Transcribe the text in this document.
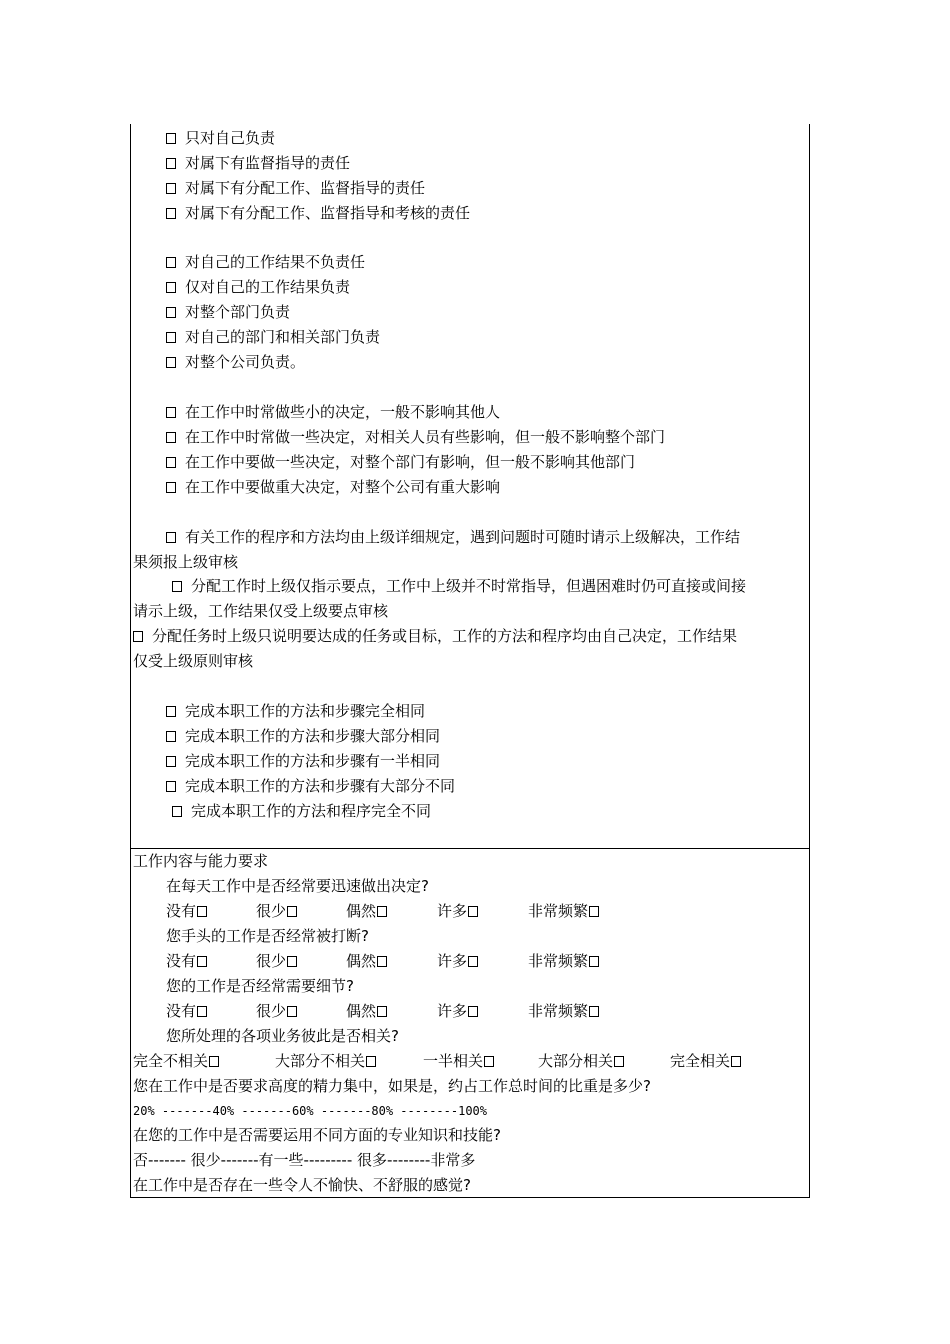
只对自己负责
对属下有监督指导的责任
对属下有分配工作、监督指导的责任
对属下有分配工作、监督指导和考核的责任
对自己的工作结果不负责任
仅对自己的工作结果负责
对整个部门负责
对自己的部门和相关部门负责
对整个公司负责。
在工作中时常做些小的决定，一般不影响其他人
在工作中时常做一些决定，对相关人员有些影响，但一般不影响整个部门
在工作中要做一些决定，对整个部门有影响，但一般不影响其他部门
在工作中要做重大决定，对整个公司有重大影响
有关工作的程序和方法均由上级详细规定，遇到问题时可随时请示上级解决，工作结
果须报上级审核
分配工作时上级仅指示要点，工作中上级并不时常指导，但遇困难时仍可直接或间接
请示上级，工作结果仅受上级要点审核
分配任务时上级只说明要达成的任务或目标，工作的方法和程序均由自己决定，工作结果
仅受上级原则审核
完成本职工作的方法和步骤完全相同
完成本职工作的方法和步骤大部分相同
完成本职工作的方法和步骤有一半相同
完成本职工作的方法和步骤有大部分不同
完成本职工作的方法和程序完全不同
工作内容与能力要求
在每天工作中是否经常要迅速做出决定?
没有	很少	偶然	许多	非常频繁
您手头的工作是否经常被打断?
没有	很少	偶然	许多	非常频繁
您的工作是否经常需要细节?
没有	很少	偶然	许多	非常频繁
您所处理的各项业务彼此是否相关?
完全不相关	大部分不相关	一半相关	大部分相关	完全相关
您在工作中是否要求高度的精力集中，如果是，约占工作总时间的比重是多少?
20% -------40% -------60% -------80% --------100%
在您的工作中是否需要运用不同方面的专业知识和技能?
否------- 很少-------有一些--------- 很多--------非常多
在工作中是否存在一些令人不愉快、不舒服的感觉?
